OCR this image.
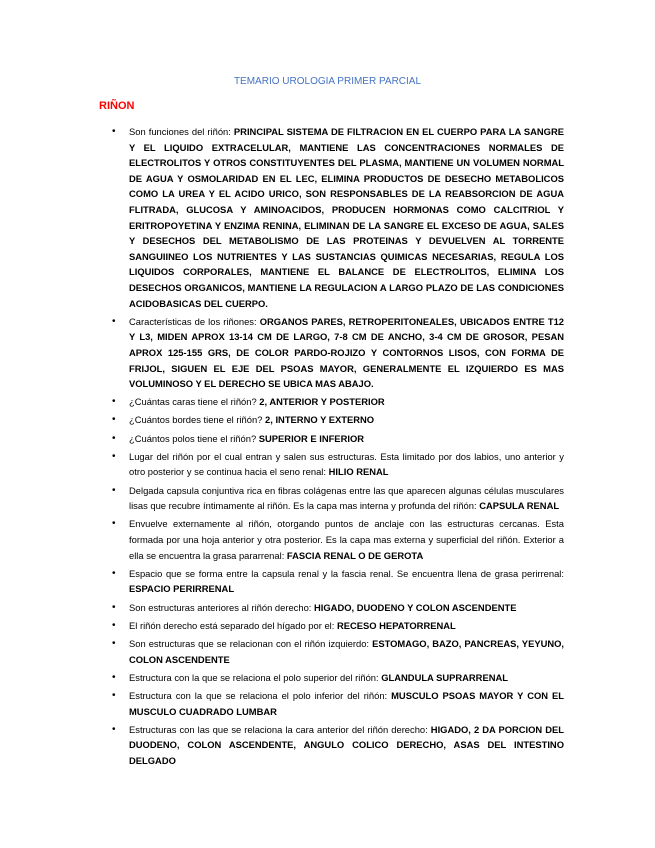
TEMARIO UROLOGIA PRIMER PARCIAL
RIÑON
• Son funciones del riñón: PRINCIPAL SISTEMA DE FILTRACION EN EL CUERPO PARA LA SANGRE Y EL LIQUIDO EXTRACELULAR, MANTIENE LAS CONCENTRACIONES NORMALES DE ELECTROLITOS Y OTROS CONSTITUYENTES DEL PLASMA, MANTIENE UN VOLUMEN NORMAL DE AGUA Y OSMOLARIDAD EN EL LEC, ELIMINA PRODUCTOS DE DESECHO METABOLICOS COMO LA UREA Y EL ACIDO URICO, SON RESPONSABLES DE LA REABSORCION DE AGUA FLITRADA, GLUCOSA Y AMINOACIDOS, PRODUCEN HORMONAS COMO CALCITRIOL Y ERITROPOYETINA Y ENZIMA RENINA, ELIMINAN DE LA SANGRE EL EXCESO DE AGUA, SALES Y DESECHOS DEL METABOLISMO DE LAS PROTEINAS Y DEVUELVEN AL TORRENTE SANGUIINEO LOS NUTRIENTES Y LAS SUSTANCIAS QUIMICAS NECESARIAS, REGULA LOS LIQUIDOS CORPORALES, MANTIENE EL BALANCE DE ELECTROLITOS, ELIMINA LOS DESECHOS ORGANICOS, MANTIENE LA REGULACION A LARGO PLAZO DE LAS CONDICIONES ACIDOBASICAS DEL CUERPO.
• Características de los riñones: ORGANOS PARES, RETROPERITONEALES, UBICADOS ENTRE T12 Y L3, MIDEN APROX 13-14 CM DE LARGO, 7-8 CM DE ANCHO, 3-4 CM DE GROSOR, PESAN APROX 125-155 GRS, DE COLOR PARDO-ROJIZO Y CONTORNOS LISOS, CON FORMA DE FRIJOL, SIGUEN EL EJE DEL PSOAS MAYOR, GENERALMENTE EL IZQUIERDO ES MAS VOLUMINOSO Y EL DERECHO SE UBICA MAS ABAJO.
• ¿Cuántas caras tiene el riñón? 2, ANTERIOR Y POSTERIOR
• ¿Cuántos bordes tiene el riñón? 2, INTERNO Y EXTERNO
• ¿Cuántos polos tiene el riñón? SUPERIOR E INFERIOR
• Lugar del riñón por el cual entran y salen sus estructuras. Esta limitado por dos labios, uno anterior y otro posterior y se continua hacia el seno renal: HILIO RENAL
• Delgada capsula conjuntiva rica en fibras colágenas entre las que aparecen algunas células musculares lisas que recubre íntimamente al riñón. Es la capa mas interna y profunda del riñón: CAPSULA RENAL
• Envuelve externamente al riñón, otorgando puntos de anclaje con las estructuras cercanas. Esta formada por una hoja anterior y otra posterior. Es la capa mas externa y superficial del riñón. Exterior a ella se encuentra la grasa pararrenal: FASCIA RENAL O DE GEROTA
• Espacio que se forma entre la capsula renal y la fascia renal. Se encuentra llena de grasa perirrenal: ESPACIO PERIRRENAL
• Son estructuras anteriores al riñón derecho: HIGADO, DUODENO Y COLON ASCENDENTE
• El riñón derecho está separado del hígado por el: RECESO HEPATORRENAL
• Son estructuras que se relacionan con el riñón izquierdo: ESTOMAGO, BAZO, PANCREAS, YEYUNO, COLON ASCENDENTE
• Estructura con la que se relaciona el polo superior del riñón: GLANDULA SUPRARRENAL
• Estructura con la que se relaciona el polo inferior del riñón: MUSCULO PSOAS MAYOR Y CON EL MUSCULO CUADRADO LUMBAR
• Estructuras con las que se relaciona la cara anterior del riñón derecho: HIGADO, 2 DA PORCION DEL DUODENO, COLON ASCENDENTE, ANGULO COLICO DERECHO, ASAS DEL INTESTINO DELGADO
